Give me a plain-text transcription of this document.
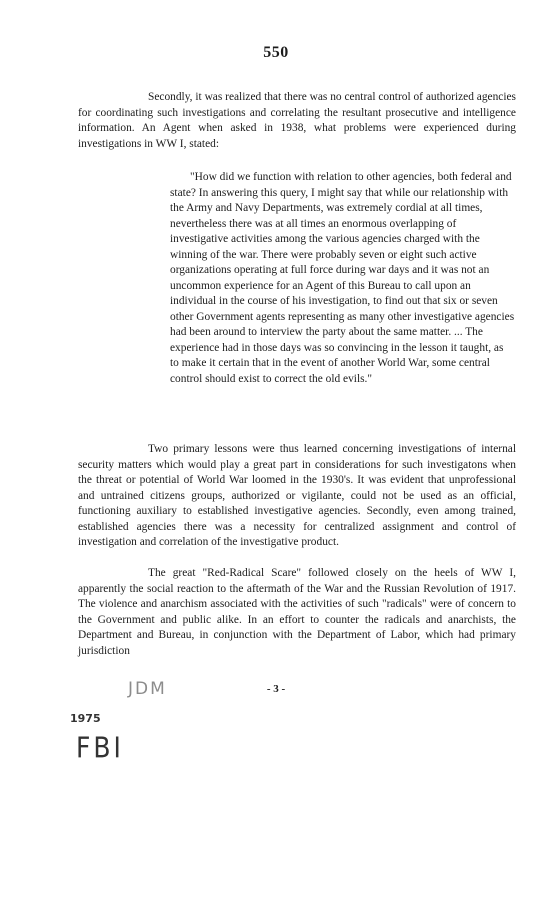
550

Secondly, it was realized that there was no central control of authorized agencies for coordinating such investigations and correlating the resultant prosecutive and intelligence information. An Agent when asked in 1938, what problems were experienced during investigations in WW I, stated:

"How did we function with relation to other agencies, both federal and state? In answering this query, I might say that while our relationship with the Army and Navy Departments, was extremely cordial at all times, nevertheless there was at all times an enormous overlapping of investigative activities among the various agencies charged with the winning of the war. There were probably seven or eight such active organizations operating at full force during war days and it was not an uncommon experience for an Agent of this Bureau to call upon an individual in the course of his investigation, to find out that six or seven other Government agents representing as many other investigative agencies had been around to interview the party about the same matter. ... The experience had in those days was so convincing in the lesson it taught, as to make it certain that in the event of another World War, some central control should exist to correct the old evils."

Two primary lessons were thus learned concerning investigations of internal security matters which would play a great part in considerations for such investigatons when the threat or potential of World War loomed in the 1930's. It was evident that unprofessional and untrained citizens groups, authorized or vigilante, could not be used as an official, functioning auxiliary to established investigative agencies. Secondly, even among trained, established agencies there was a necessity for centralized assignment and control of investigation and correlation of the investigative product.

The great "Red-Radical Scare" followed closely on the heels of WW I, apparently the social reaction to the aftermath of the War and the Russian Revolution of 1917. The violence and anarchism associated with the activities of such "radicals" were of concern to the Government and public alike. In an effort to counter the radicals and anarchists, the Department and Bureau, in conjunction with the Department of Labor, which had primary jurisdiction

- 3 -
JDM
1975
FBI
